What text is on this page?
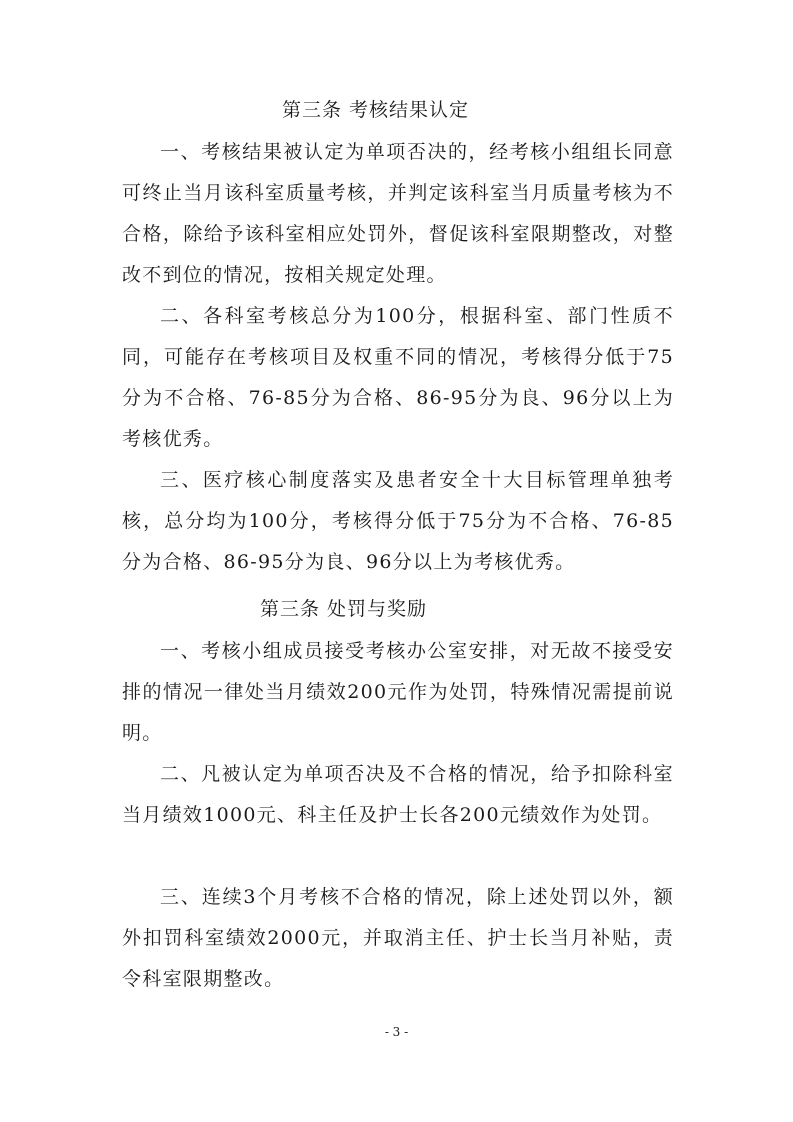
第三条 考核结果认定

一、考核结果被认定为单项否决的，经考核小组组长同意可终止当月该科室质量考核，并判定该科室当月质量考核为不合格，除给予该科室相应处罚外，督促该科室限期整改，对整改不到位的情况，按相关规定处理。

二、各科室考核总分为100分，根据科室、部门性质不同，可能存在考核项目及权重不同的情况，考核得分低于75分为不合格、76-85分为合格、86-95分为良、96分以上为考核优秀。

三、医疗核心制度落实及患者安全十大目标管理单独考核，总分均为100分，考核得分低于75分为不合格、76-85分为合格、86-95分为良、96分以上为考核优秀。

第三条 处罚与奖励

一、考核小组成员接受考核办公室安排，对无故不接受安排的情况一律处当月绩效200元作为处罚，特殊情况需提前说明。

二、凡被认定为单项否决及不合格的情况，给予扣除科室当月绩效1000元、科主任及护士长各200元绩效作为处罚。

三、连续3个月考核不合格的情况，除上述处罚以外，额外扣罚科室绩效2000元，并取消主任、护士长当月补贴，责令科室限期整改。

- 3 -
